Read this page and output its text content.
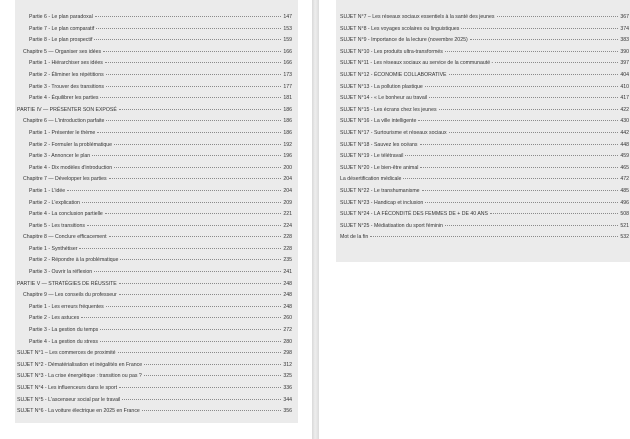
Partie 6 - Le plan paradoxal	147
Partie 7 - Le plan comparatif	153
Partie 8 - Le plan prospectif	159
Chapitre 5 — Organiser ses idées	166
Partie 1 - Hiérarchiser ses idées	166
Partie 2 - Éliminer les répétitions	173
Partie 3 - Trouver des transitions	177
Partie 4 - Équilibrer les parties	181
PARTIE IV — PRÉSENTER SON EXPOSÉ	186
Chapitre 6 — L'introduction parfaite	186
Partie 1 - Présenter le thème	186
Partie 2 - Formuler la problématique	192
Partie 3 - Annoncer le plan	196
Partie 4 - Dix modèles d'introduction	200
Chapitre 7 — Développer les parties	204
Partie 1 - L'idée	204
Partie 2 - L'explication	209
Partie 4 - La conclusion partielle	221
Partie 5 - Les transitions	224
Chapitre 8 — Conclure efficacement	228
Partie 1 - Synthétiser	228
Partie 2 - Répondre à la problématique	235
Partie 3 - Ouvrir la réflexion	241
PARTIE V — STRATÉGIES DE RÉUSSITE	248
Chapitre 9 — Les conseils du professeur	248
Partie 1 - Les erreurs fréquentes	248
Partie 2 - Les astuces	260
Partie 3 - La gestion du temps	272
Partie 4 - La gestion du stress	280
SUJET N°1 – Les commerces de proximité	298
SUJET N°2 - Dématérialisation et inégalités en France	312
SUJET N°3 - La crise énergétique : transition ou pas ?	325
SUJET N°4 - Les influenceurs dans le sport	336
SUJET N°5 - L'ascenseur social par le travail	344
SUJET N°6 - La voiture électrique en 2025 en France	356
SUJET N°7 – Les réseaux sociaux essentiels à la santé des jeunes	367
SUJET N°8 - Les voyages scolaires ou linguistiques	374
SUJET N°9 - Importance de la lecture (novembre 2025)	383
SUJET N°10 - Les produits ultra-transformés	390
SUJET N°11 - Les réseaux sociaux au service de la communauté -	397
SUJET N°12 - ÉCONOMIE COLLABORATIVE	404
SUJET N°13 - La pollution plastique	410
SUJET N°14 - « Le bonheur au travail	417
SUJET N°15 - Les écrans chez les jeunes	422
SUJET N°16 - La ville intelligente	430
SUJET N°17 - Surtourisme et réseaux sociaux	442
SUJET N°18 - Sauvez les océans	448
SUJET N°19 - Le télétravail	459
SUJET N°20 - Le bien-être animal	465
La désertification médicale	472
SUJET N°22 - Le transhumanisme	485
SUJET N°23 - Handicap et inclusion	496
SUJET N°24 - LA FÉCONDITÉ DES FEMMES DE + DE 40 ANS	508
SUJET N°25 - Médiatisation du sport féminin	521
Mot de la fin	532
